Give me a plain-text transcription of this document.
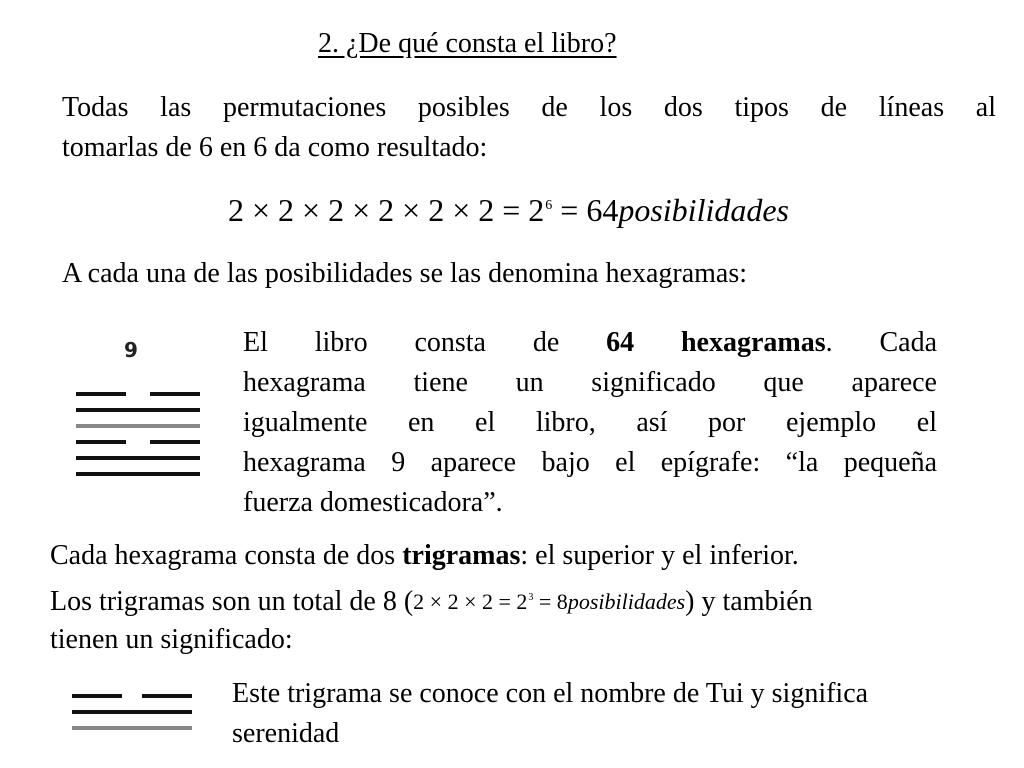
2. ¿De qué consta el libro?
Todas las permutaciones posibles de los dos tipos de líneas al
tomarlas de 6 en 6 da como resultado:
$2 \times 2 \times 2 \times 2 \times 2 \times 2 = 2^6$ = 64posibilidades
A cada una de las posibilidades se las denomina hexagramas:
9	El libro consta de 64 hexagramas. Cada
hexagrama tiene un significado que aparece
igualmente en el libro, así por ejemplo el
hexagrama 9 aparece bajo el epígrafe: “la pequeña
fuerza domesticadora”.
Cada hexagrama consta de dos trigramas: el superior y el inferior.
Los trigramas son un total de 8 ($2 \times 2 \times 2 = 2^3$ = 8posibilidades) y también
tienen un significado:
Este trigrama se conoce con el nombre de Tui y significa
serenidad
